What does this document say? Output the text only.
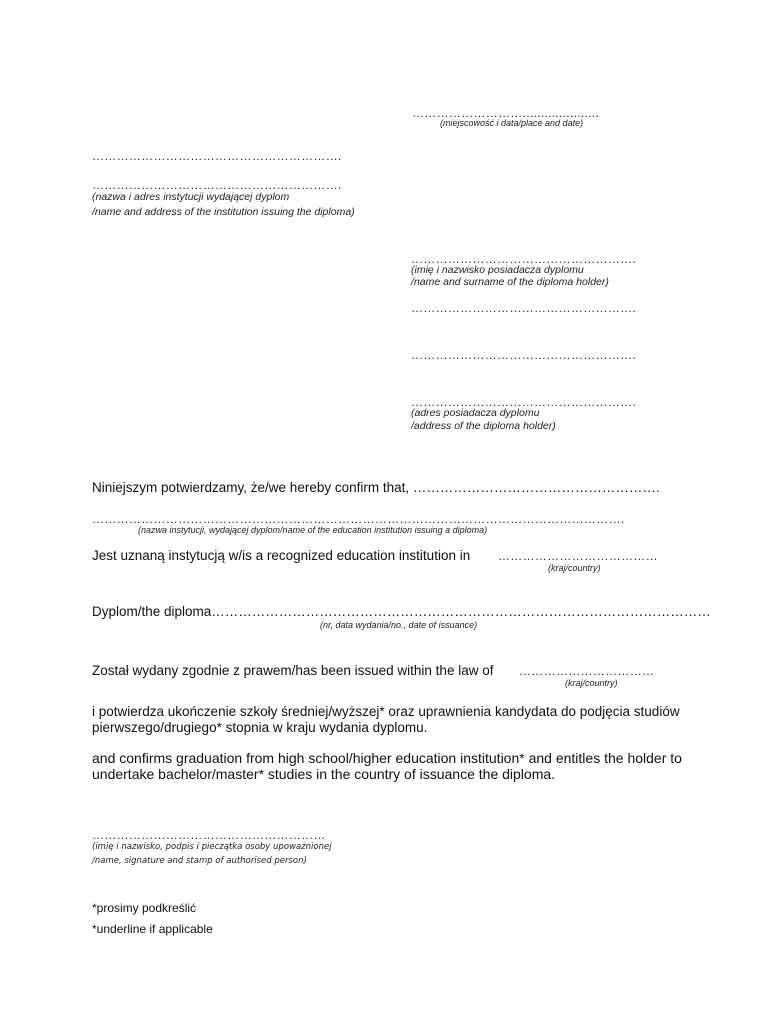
……………………….....................
(miejscowość i data/place and date)
…………………………………………………….
…………………………………………………….
(nazwa i adres instytucji wydającej dyplom
/name and address of the institution issuing the diploma)
……………………………………………….
(imię i nazwisko posiadacza dyplomu
/name and surname of the diploma holder)
……………………………………………….
……………………………………………….
……………………………………………….
(adres posiadacza dyplomu
/address of the diploma holder)
Niniejszym potwierdzamy, że/we hereby confirm that, ……………………………………………….
………………………………………………………………………………………………………………….
(nazwa instytucji, wydającej dyplom/name of the education institution issuing a diploma)
Jest uznaną instytucją w/is a recognized education institution in …………………………………
(kraj/country)
Dyplom/the diploma…………………………………………………………………………………………………
(nr, data wydania/no., date of issuance)
Został wydany zgodnie z prawem/has been issued within the law of ……………………………
(kraj/country)
i potwierdza ukończenie szkoły średniej/wyższej* oraz uprawnienia kandydata do podjęcia studiów pierwszego/drugiego* stopnia w kraju wydania dyplomu.
and confirms graduation from high school/higher education institution* and entitles the holder to undertake bachelor/master* studies in the country of issuance the diploma.
…………………………………………………
(imię i nazwisko, podpis i pieczątka osoby upoważnionej
/name, signature and stamp of authorised person)
*prosimy podkreślić
*underline if applicable
